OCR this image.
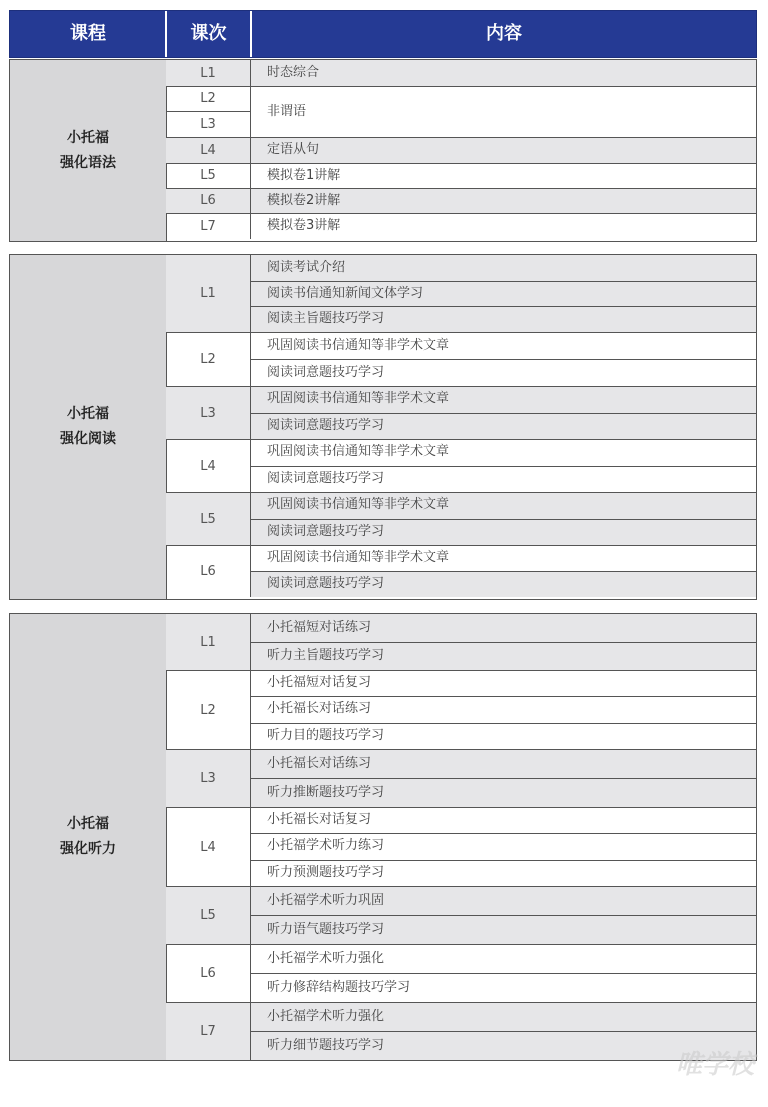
课程	课次	内容
小托福
强化语法
L1
L2
L3
L4
L5
L6
L7
时态综合
非谓语
定语从句
模拟卷1讲解
模拟卷2讲解
模拟卷3讲解
小托福
强化阅读
L1
阅读考试介绍
阅读书信通知新闻文体学习
阅读主旨题技巧学习
L2
巩固阅读书信通知等非学术文章
阅读词意题技巧学习
L3
巩固阅读书信通知等非学术文章
阅读词意题技巧学习
L4
巩固阅读书信通知等非学术文章
阅读词意题技巧学习
L5
巩固阅读书信通知等非学术文章
阅读词意题技巧学习
L6
巩固阅读书信通知等非学术文章
阅读词意题技巧学习
小托福
强化听力
L1
小托福短对话练习
听力主旨题技巧学习
L2
小托福短对话复习
小托福长对话练习
听力目的题技巧学习
L3
小托福长对话练习
听力推断题技巧学习
L4
小托福长对话复习
小托福学术听力练习
听力预测题技巧学习
L5
小托福学术听力巩固
听力语气题技巧学习
L6
小托福学术听力强化
听力修辞结构题技巧学习
L7
小托福学术听力强化
听力细节题技巧学习
唯学校
